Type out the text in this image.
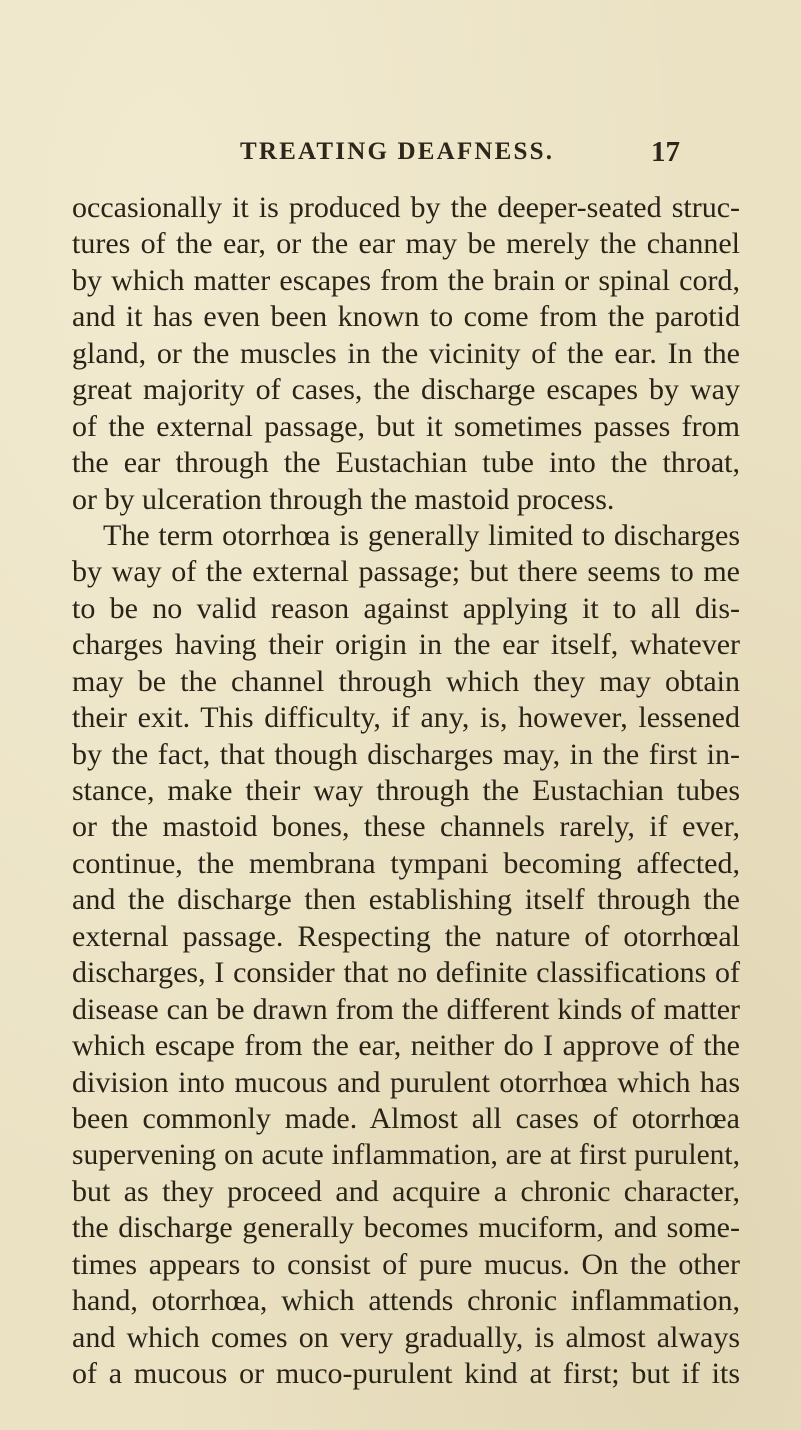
TREATING DEAFNESS.	17
occasionally it is produced by the deeper-seated struc-
tures of the ear, or the ear may be merely the channel
by which matter escapes from the brain or spinal cord,
and it has even been known to come from the parotid
gland, or the muscles in the vicinity of the ear. In the
great majority of cases, the discharge escapes by way
of the external passage, but it sometimes passes from
the ear through the Eustachian tube into the throat,
or by ulceration through the mastoid process.
The term otorrhœa is generally limited to discharges
by way of the external passage; but there seems to me
to be no valid reason against applying it to all dis-
charges having their origin in the ear itself, whatever
may be the channel through which they may obtain
their exit. This difficulty, if any, is, however, lessened
by the fact, that though discharges may, in the first in-
stance, make their way through the Eustachian tubes
or the mastoid bones, these channels rarely, if ever,
continue, the membrana tympani becoming affected,
and the discharge then establishing itself through the
external passage. Respecting the nature of otorrhœal
discharges, I consider that no definite classifications of
disease can be drawn from the different kinds of matter
which escape from the ear, neither do I approve of the
division into mucous and purulent otorrhœa which has
been commonly made. Almost all cases of otorrhœa
supervening on acute inflammation, are at first purulent,
but as they proceed and acquire a chronic character,
the discharge generally becomes muciform, and some-
times appears to consist of pure mucus. On the other
hand, otorrhœa, which attends chronic inflammation,
and which comes on very gradually, is almost always
of a mucous or muco-purulent kind at first; but if its
